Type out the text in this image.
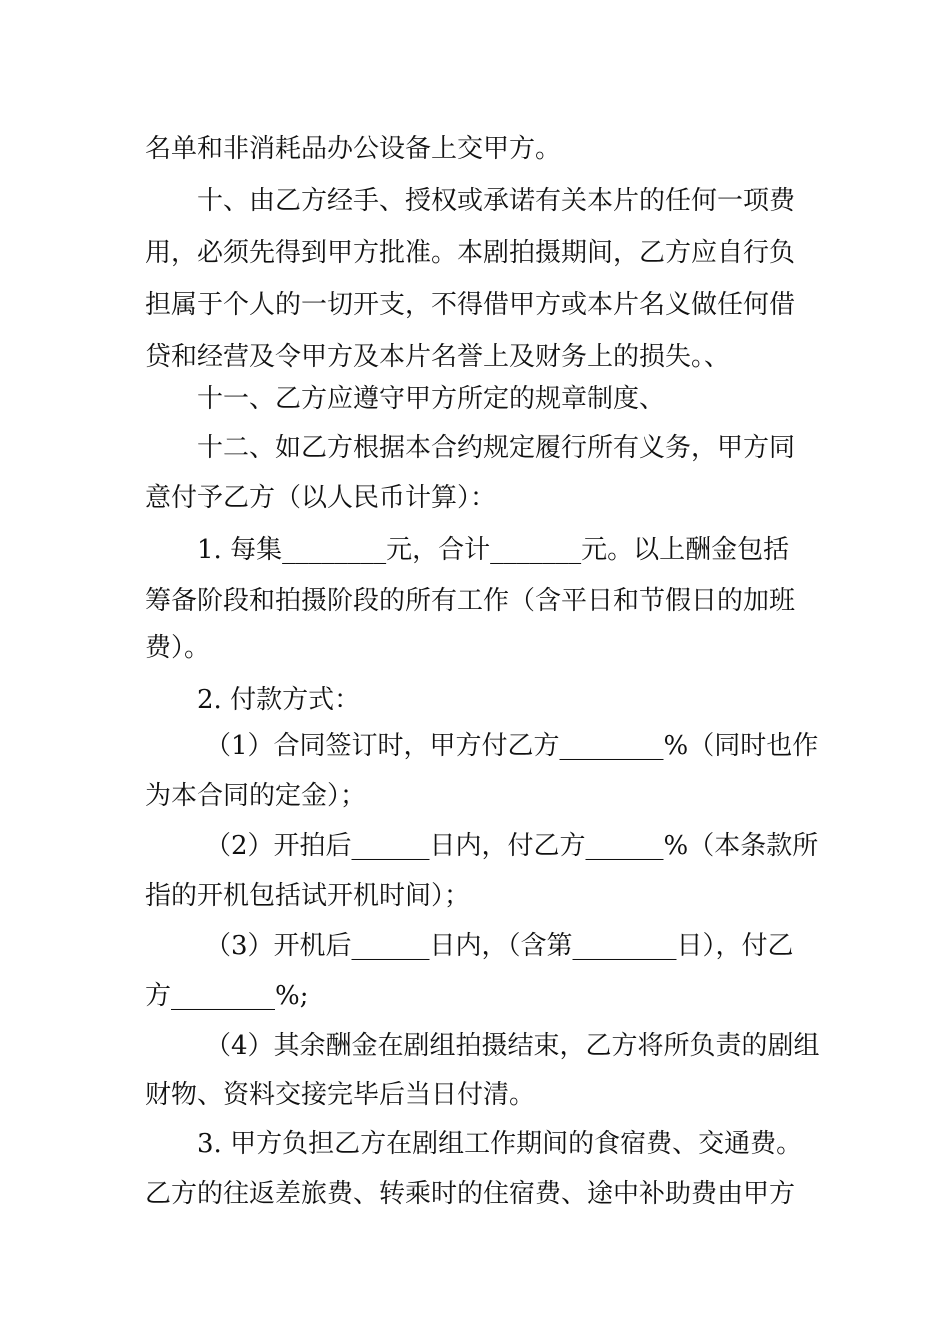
名单和非消耗品办公设备上交甲方。
十、由乙方经手、授权或承诺有关本片的任何一项费
用，必须先得到甲方批准。本剧拍摄期间，乙方应自行负
担属于个人的一切开支，不得借甲方或本片名义做任何借
贷和经营及令甲方及本片名誉上及财务上的损失。、
十一、乙方应遵守甲方所定的规章制度、
十二、如乙方根据本合约规定履行所有义务，甲方同
意付予乙方（以人民币计算）：
1. 每集________元，合计_______元。以上酬金包括
筹备阶段和拍摄阶段的所有工作（含平日和节假日的加班
费）。
2. 付款方式：
（1）合同签订时，甲方付乙方________%（同时也作
为本合同的定金）；
（2）开拍后______日内，付乙方______%（本条款所
指的开机包括试开机时间）；
（3）开机后______日内，（含第________日），付乙
方________%;
（4）其余酬金在剧组拍摄结束，乙方将所负责的剧组
财物、资料交接完毕后当日付清。
3. 甲方负担乙方在剧组工作期间的食宿费、交通费。
乙方的往返差旅费、转乘时的住宿费、途中补助费由甲方
